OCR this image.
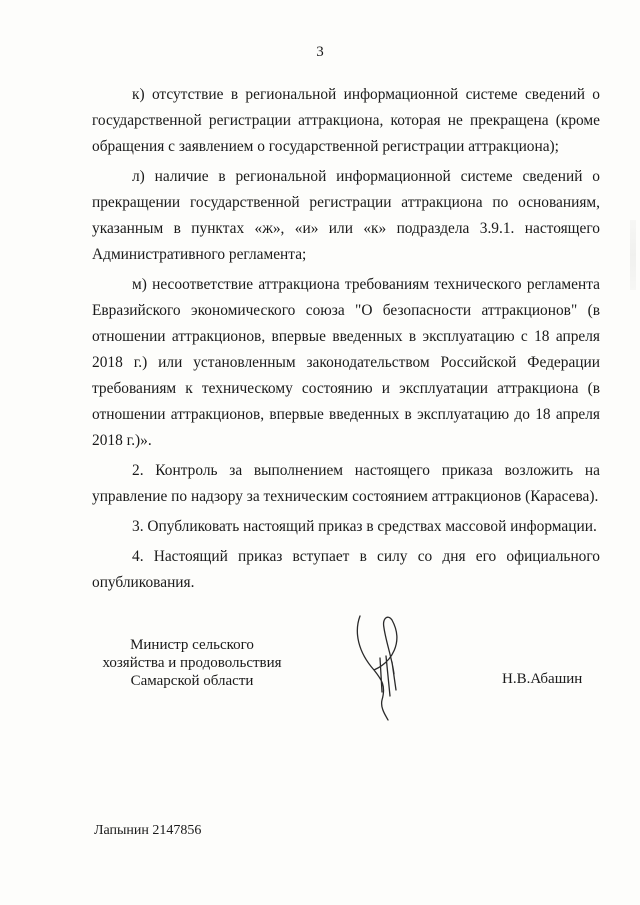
3

к) отсутствие в региональной информационной системе сведений о государственной регистрации аттракциона, которая не прекращена (кроме обращения с заявлением о государственной регистрации аттракциона);

л) наличие в региональной информационной системе сведений о прекращении государственной регистрации аттракциона по основаниям, указанным в пунктах «ж», «и» или «к» подраздела 3.9.1. настоящего Административного регламента;

м) несоответствие аттракциона требованиям технического регламента Евразийского экономического союза "О безопасности аттракционов" (в отношении аттракционов, впервые введенных в эксплуатацию с 18 апреля 2018 г.) или установленным законодательством Российской Федерации требованиям к техническому состоянию и эксплуатации аттракциона (в отношении аттракционов, впервые введенных в эксплуатацию до 18 апреля 2018 г.)».

2. Контроль за выполнением настоящего приказа возложить на управление по надзору за техническим состоянием аттракционов (Карасева).

3. Опубликовать настоящий приказ в средствах массовой информации.

4. Настоящий приказ вступает в силу со дня его официального опубликования.

Министр сельского
хозяйства и продовольствия
Самарской области	Н.В.Абашин
Лапынин 2147856
